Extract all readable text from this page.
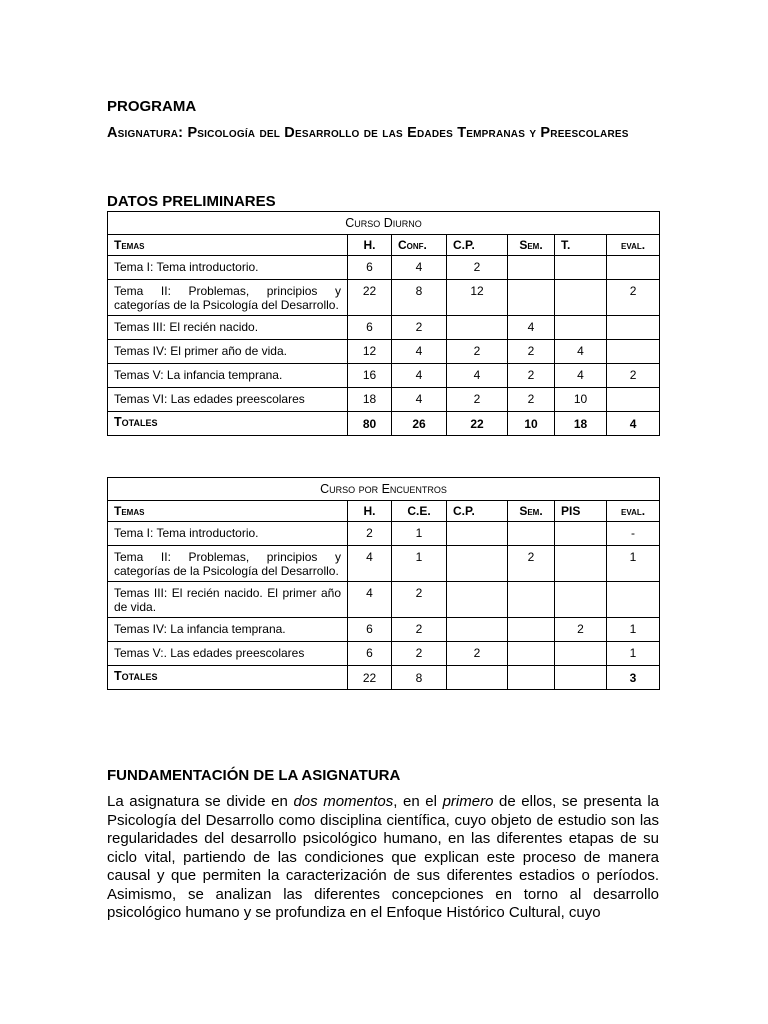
PROGRAMA
Asignatura: Psicología del Desarrollo de las Edades Tempranas y Preescolares
DATOS PRELIMINARES
Curso Diurno						
Temas	H.	Conf.	C.P.	Sem.	T.	eval.
Tema I: Tema introductorio.	6	4	2			
Tema II: Problemas, principios y categorías de la Psicología del Desarrollo.	22	8	12			2
Temas III: El recién nacido.	6	2		4		
Temas IV: El primer año de vida.	12	4	2	2	4	
Temas V: La infancia temprana.	16	4	4	2	4	2
Temas VI: Las edades preescolares	18	4	2	2	10	
Totales	80	26	22	10	18	4
Curso por Encuentros						
Temas	H.	C.E.	C.P.	Sem.	PIS	eval.
Tema I: Tema introductorio.	2	1				-
Tema II: Problemas, principios y categorías de la Psicología del Desarrollo.	4	1		2		1
Temas III: El recién nacido. El primer año de vida.	4	2				
Temas IV: La infancia temprana.	6	2			2	1
Temas V:. Las edades preescolares	6	2	2			1
Totales	22	8				3
FUNDAMENTACIÓN DE LA ASIGNATURA

La asignatura se divide en dos momentos, en el primero de ellos, se presenta la Psicología del Desarrollo como disciplina científica, cuyo objeto de estudio son las regularidades del desarrollo psicológico humano, en las diferentes etapas de su ciclo vital, partiendo de las condiciones que explican este proceso de manera causal y que permiten la caracterización de sus diferentes estadios o períodos. Asimismo, se analizan las diferentes concepciones en torno al desarrollo psicológico humano y se profundiza en el Enfoque Histórico Cultural, cuyo
